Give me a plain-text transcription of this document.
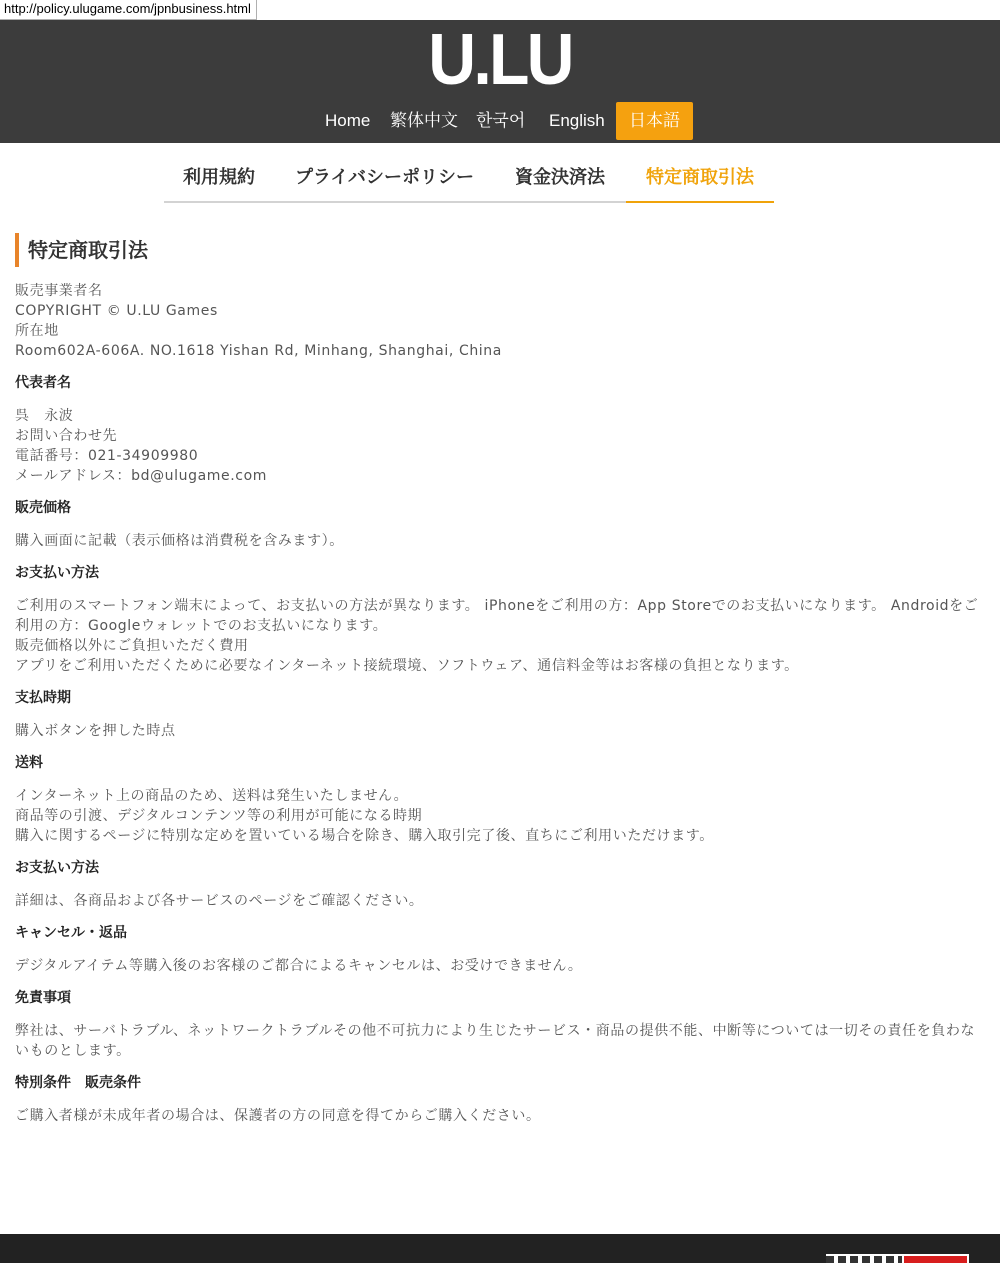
http://policy.ulugame.com/jpnbusiness.html
U.LU
Home 繁体中文 한국어 English	日本語
利用規約	プライバシーポリシー	資金決済法	特定商取引法
特定商取引法
販売事業者名
COPYRIGHT © U.LU Games
所在地
Room602A-606A. NO.1618 Yishan Rd, Minhang, Shanghai, China
代表者名
呉　永波
お問い合わせ先
電話番号：021-34909980
メールアドレス：bd@ulugame.com
販売価格
購入画面に記載（表示価格は消費税を含みます）。
お支払い方法
ご利用のスマートフォン端末によって、お支払いの方法が異なります。 iPhoneをご利用の方：App Storeでのお支払いになります。 Androidをご利用の方：Googleウォレットでのお支払いになります。
販売価格以外にご負担いただく費用
アプリをご利用いただくために必要なインターネット接続環境、ソフトウェア、通信料金等はお客様の負担となります。
支払時期
購入ボタンを押した時点
送料
インターネット上の商品のため、送料は発生いたしません。
商品等の引渡、デジタルコンテンツ等の利用が可能になる時期
購入に関するページに特別な定めを置いている場合を除き、購入取引完了後、直ちにご利用いただけます。
お支払い方法
詳細は、各商品および各サービスのページをご確認ください。
キャンセル・返品
デジタルアイテム等購入後のお客様のご都合によるキャンセルは、お受けできません。
免責事項
弊社は、サーバトラブル、ネットワークトラブルその他不可抗力により生じたサービス・商品の提供不能、中断等については一切その責任を負わないものとします。
特別条件　販売条件
ご購入者様が未成年者の場合は、保護者の方の同意を得てからご購入ください。
